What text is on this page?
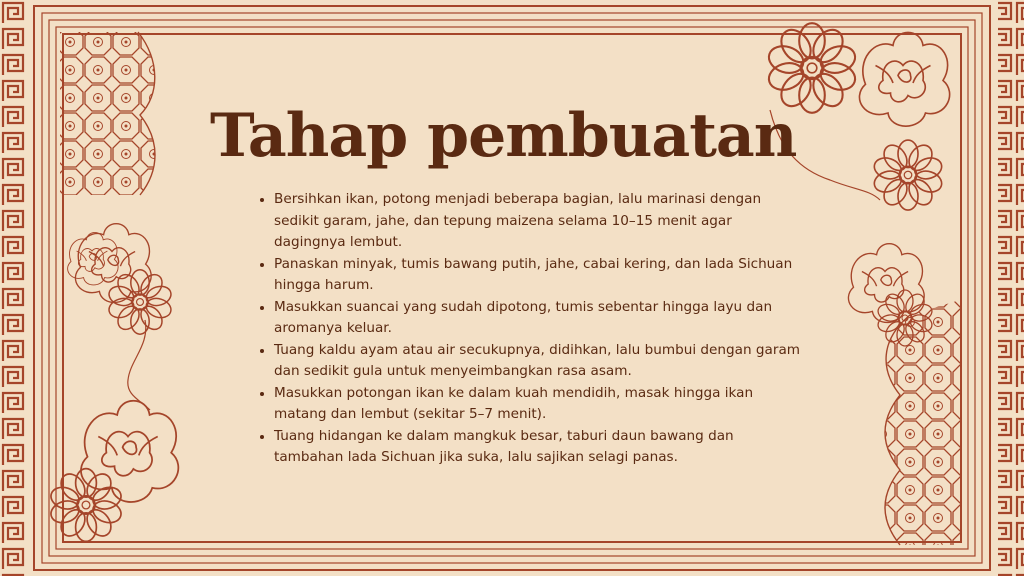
Tahap pembuatan
• Bersihkan ikan, potong menjadi beberapa bagian, lalu marinasi dengan sedikit garam, jahe, dan tepung maizena selama 10–15 menit agar dagingnya lembut.
• Panaskan minyak, tumis bawang putih, jahe, cabai kering, dan lada Sichuan hingga harum.
• Masukkan suancai yang sudah dipotong, tumis sebentar hingga layu dan aromanya keluar.
• Tuang kaldu ayam atau air secukupnya, didihkan, lalu bumbui dengan garam dan sedikit gula untuk menyeimbangkan rasa asam.
• Masukkan potongan ikan ke dalam kuah mendidih, masak hingga ikan matang dan lembut (sekitar 5–7 menit).
• Tuang hidangan ke dalam mangkuk besar, taburi daun bawang dan tambahan lada Sichuan jika suka, lalu sajikan selagi panas.
